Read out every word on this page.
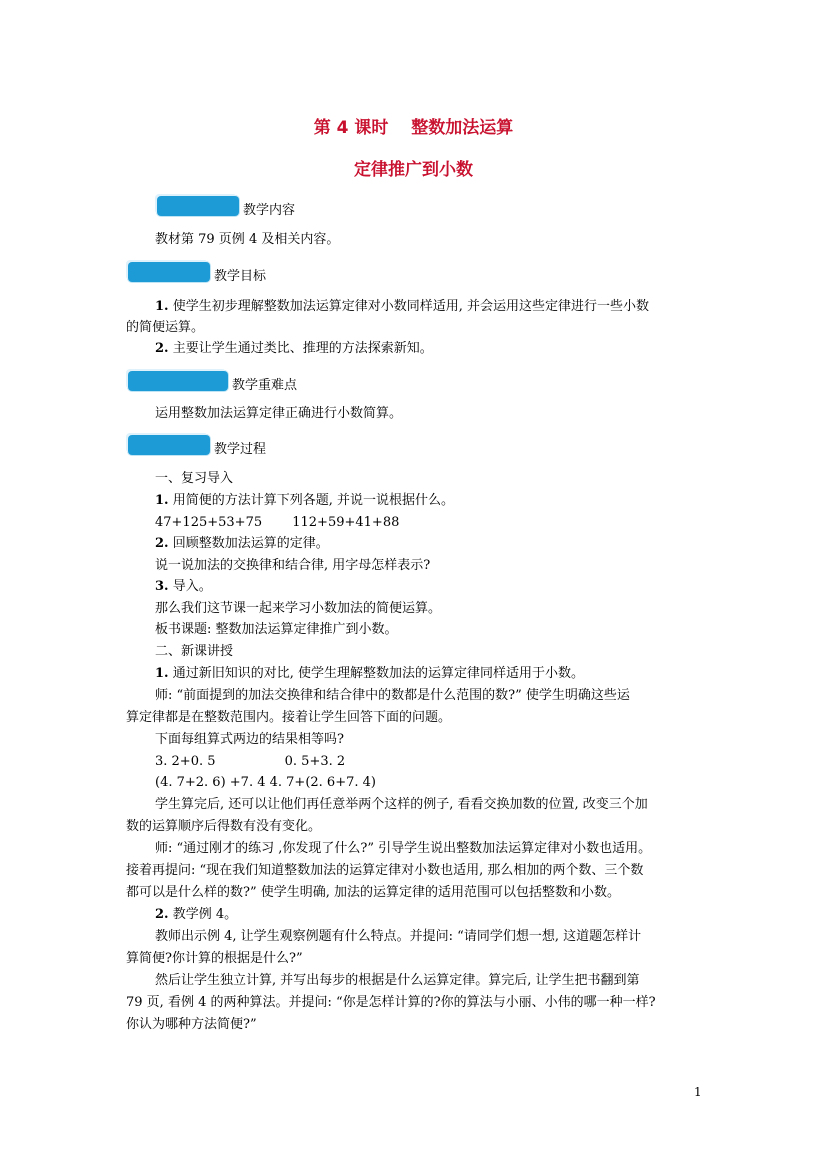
第 4 课时　 整数加法运算
定律推广到小数
教学内容
教材第 79 页例 4 及相关内容。
教学目标
1. 使学生初步理解整数加法运算定律对小数同样适用, 并会运用这些定律进行一些小数
的简便运算。
2. 主要让学生通过类比、推理的方法探索新知。
教学重难点
运用整数加法运算定律正确进行小数简算。
教学过程
一、复习导入
1. 用简便的方法计算下列各题, 并说一说根据什么。
47+125+53+75　　 112+59+41+88
2. 回顾整数加法运算的定律。
说一说加法的交换律和结合律, 用字母怎样表示?
3. 导入。
那么我们这节课一起来学习小数加法的简便运算。
板书课题: 整数加法运算定律推广到小数。
二、新课讲授
1. 通过新旧知识的对比, 使学生理解整数加法的运算定律同样适用于小数。
师: “前面提到的加法交换律和结合律中的数都是什么范围的数?” 使学生明确这些运
算定律都是在整数范围内。接着让学生回答下面的问题。
下面每组算式两边的结果相等吗?
3. 2+0. 5　　　　　 0. 5+3. 2
(4. 7+2. 6) +7. 4 4. 7+(2. 6+7. 4)
学生算完后, 还可以让他们再任意举两个这样的例子, 看看交换加数的位置, 改变三个加
数的运算顺序后得数有没有变化。
师: “通过刚才的练习 ,你发现了什么?” 引导学生说出整数加法运算定律对小数也适用。
接着再提问: “现在我们知道整数加法的运算定律对小数也适用, 那么相加的两个数、三个数
都可以是什么样的数?” 使学生明确, 加法的运算定律的适用范围可以包括整数和小数。
2. 教学例 4。
教师出示例 4, 让学生观察例题有什么特点。并提问: “请同学们想一想, 这道题怎样计
算简便?你计算的根据是什么?”
然后让学生独立计算, 并写出每步的根据是什么运算定律。算完后, 让学生把书翻到第
79 页, 看例 4 的两种算法。并提问: “你是怎样计算的?你的算法与小丽、小伟的哪一种一样?
你认为哪种方法简便?”
1
